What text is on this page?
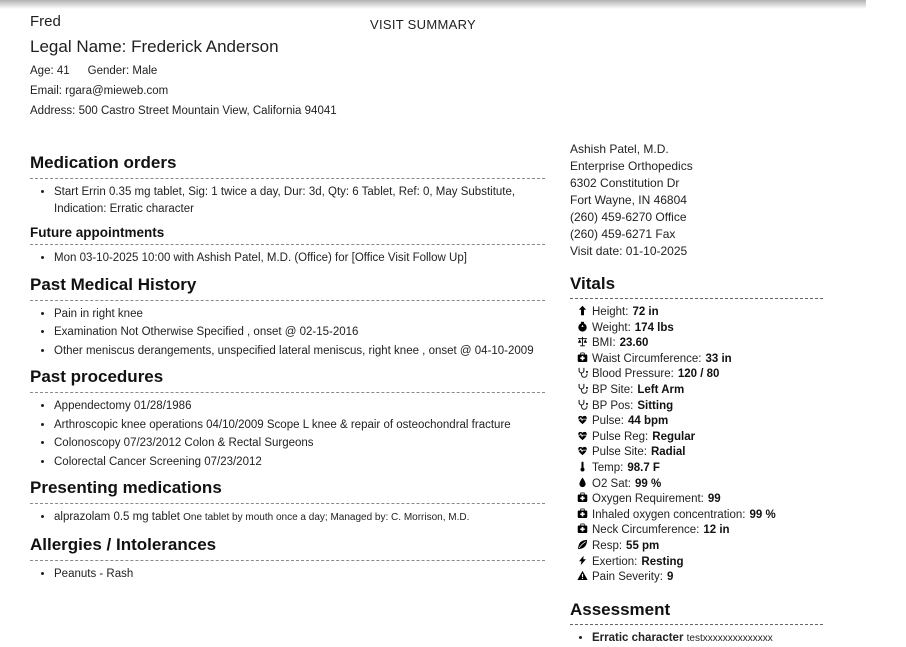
Fred	VISIT SUMMARY
Legal Name: Frederick Anderson
Age: 41 Gender: Male
Email: rgara@mieweb.com
Address: 500 Castro Street Mountain View, California 94041
Medication orders
• Start Errin 0.35 mg tablet, Sig: 1 twice a day, Dur: 3d, Qty: 6 Tablet, Ref: 0, May Substitute, Indication: Erratic character
Future appointments
• Mon 03-10-2025 10:00 with Ashish Patel, M.D. (Office) for [Office Visit Follow Up]
Past Medical History
• Pain in right knee
• Examination Not Otherwise Specified , onset @ 02-15-2016
• Other meniscus derangements, unspecified lateral meniscus, right knee , onset @ 04-10-2009
Past procedures
• Appendectomy 01/28/1986
• Arthroscopic knee operations 04/10/2009 Scope L knee & repair of osteochondral fracture
• Colonoscopy 07/23/2012 Colon & Rectal Surgeons
• Colorectal Cancer Screening 07/23/2012
Presenting medications
• alprazolam 0.5 mg tablet One tablet by mouth once a day; Managed by: C. Morrison, M.D.
Allergies / Intolerances
• Peanuts - Rash
Ashish Patel, M.D.
Enterprise Orthopedics
6302 Constitution Dr
Fort Wayne, IN 46804
(260) 459-6270 Office
(260) 459-6271 Fax
Visit date: 01-10-2025
Vitals
Height: 72 in
Weight: 174 lbs
BMI: 23.60
Waist Circumference: 33 in
Blood Pressure: 120 / 80
BP Site: Left Arm
BP Pos: Sitting
Pulse: 44 bpm
Pulse Reg: Regular
Pulse Site: Radial
Temp: 98.7 F
O2 Sat: 99 %
Oxygen Requirement: 99
Inhaled oxygen concentration: 99 %
Neck Circumference: 12 in
Resp: 55 pm
Exertion: Resting
Pain Severity: 9
Assessment
• Erratic character testxxxxxxxxxxxxxx
